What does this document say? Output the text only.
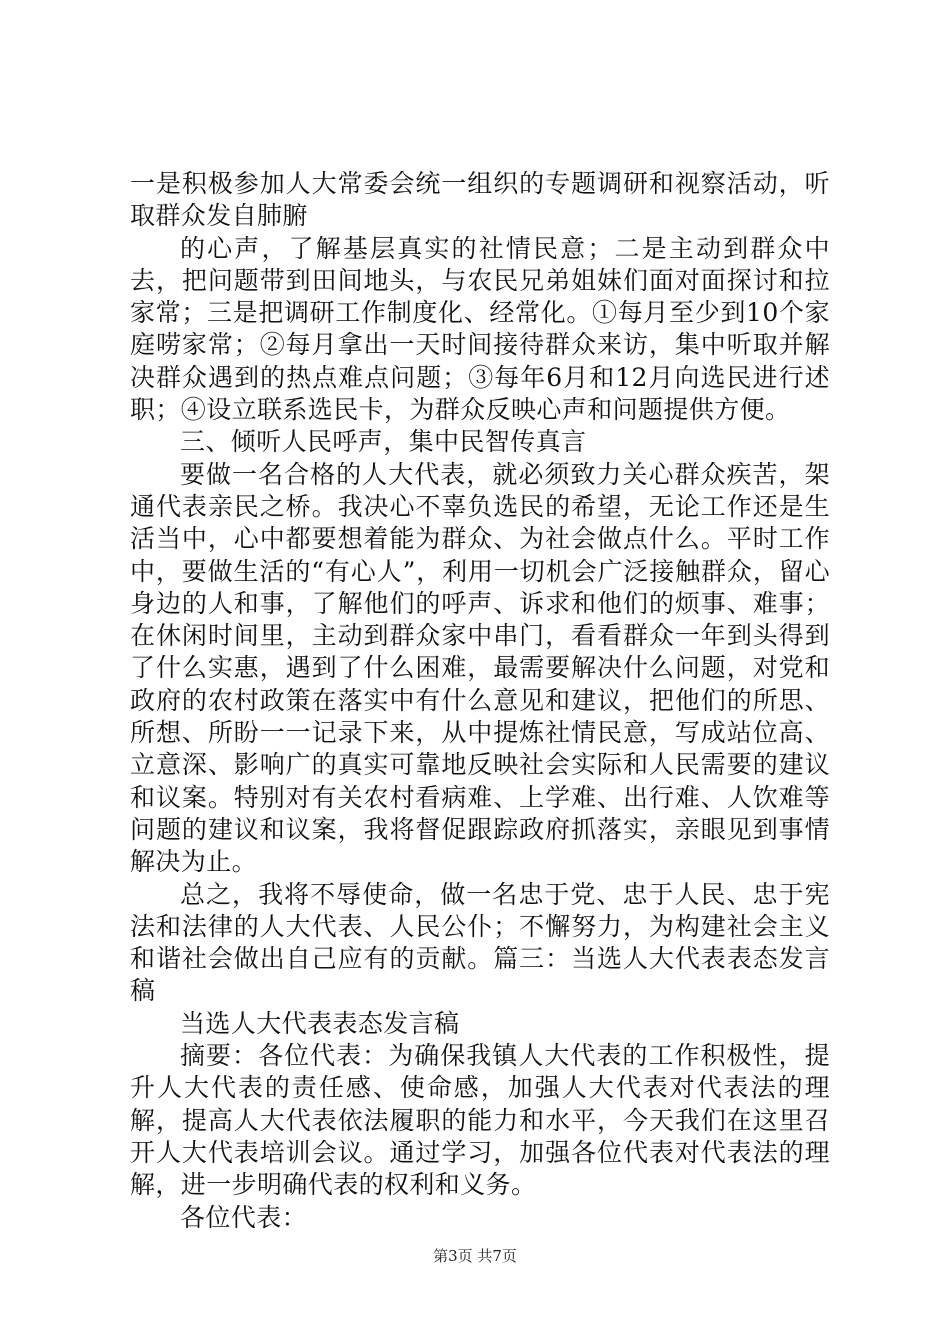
一是积极参加人大常委会统一组织的专题调研和视察活动，听取群众发自肺腑

的心声，了解基层真实的社情民意；二是主动到群众中去，把问题带到田间地头，与农民兄弟姐妹们面对面探讨和拉家常；三是把调研工作制度化、经常化。①每月至少到10个家庭唠家常；②每月拿出一天时间接待群众来访，集中听取并解决群众遇到的热点难点问题；③每年6月和12月向选民进行述职；④设立联系选民卡，为群众反映心声和问题提供方便。

三、倾听人民呼声，集中民智传真言

要做一名合格的人大代表，就必须致力关心群众疾苦，架通代表亲民之桥。我决心不辜负选民的希望，无论工作还是生活当中，心中都要想着能为群众、为社会做点什么。平时工作中，要做生活的“有心人”，利用一切机会广泛接触群众，留心身边的人和事，了解他们的呼声、诉求和他们的烦事、难事；在休闲时间里，主动到群众家中串门，看看群众一年到头得到了什么实惠，遇到了什么困难，最需要解决什么问题，对党和政府的农村政策在落实中有什么意见和建议，把他们的所思、所想、所盼一一记录下来，从中提炼社情民意，写成站位高、立意深、影响广的真实可靠地反映社会实际和人民需要的建议和议案。特别对有关农村看病难、上学难、出行难、人饮难等问题的建议和议案，我将督促跟踪政府抓落实，亲眼见到事情解决为止。

总之，我将不辱使命，做一名忠于党、忠于人民、忠于宪法和法律的人大代表、人民公仆；不懈努力，为构建社会主义和谐社会做出自己应有的贡献。篇三：当选人大代表表态发言稿

当选人大代表表态发言稿

摘要：各位代表：为确保我镇人大代表的工作积极性，提升人大代表的责任感、使命感，加强人大代表对代表法的理解，提高人大代表依法履职的能力和水平，今天我们在这里召开人大代表培训会议。通过学习，加强各位代表对代表法的理解，进一步明确代表的权利和义务。

各位代表：

第3页 共7页
